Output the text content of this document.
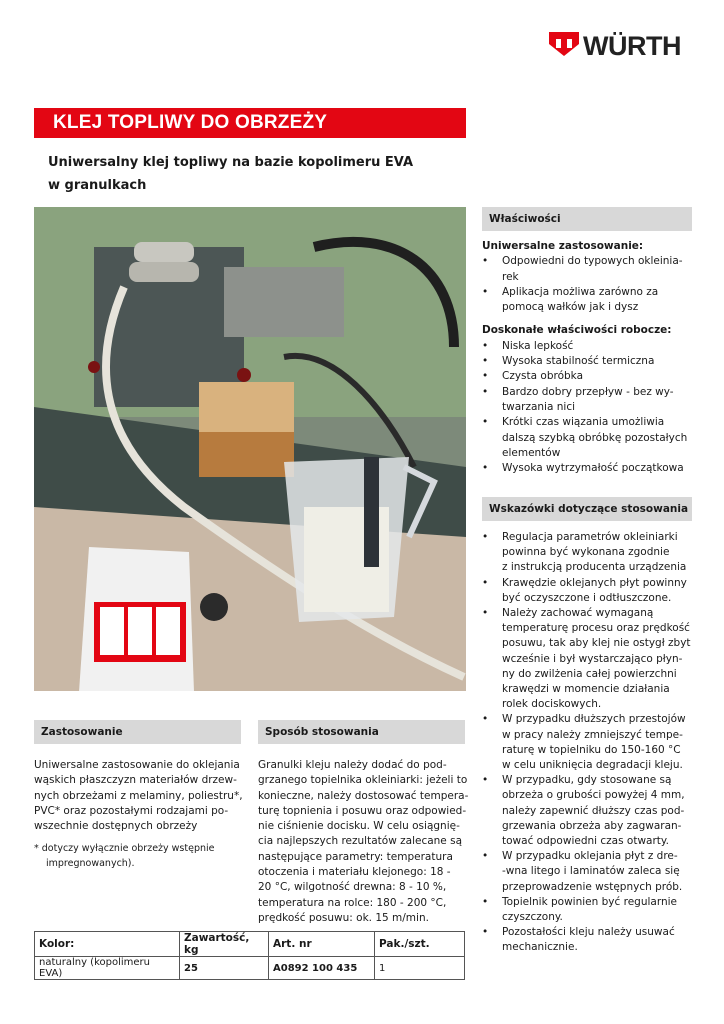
WÜRTH
KLEJ TOPLIWY DO OBRZEŻY
Uniwersalny klej topliwy na bazie kopolimeru EVA
w granulkach
Właściwości
Uniwersalne zastosowanie:
• Odpowiedni do typowych okleinia-
rek
• Aplikacja możliwa zarówno za
pomocą wałków jak i dysz
Doskonałe właściwości robocze:
• Niska lepkość
• Wysoka stabilność termiczna
• Czysta obróbka
• Bardzo dobry przepływ - bez wy-
twarzania nici
• Krótki czas wiązania umożliwia
dalszą szybką obróbkę pozostałych
elementów
• Wysoka wytrzymałość początkowa
Wskazówki dotyczące stosowania
• Regulacja parametrów okleiniarki
powinna być wykonana zgodnie
z instrukcją producenta urządzenia
• Krawędzie oklejanych płyt powinny
być oczyszczone i odtłuszczone.
• Należy zachować wymaganą
temperaturę procesu oraz prędkość
posuwu, tak aby klej nie ostygł zbyt
wcześnie i był wystarczająco płyn-
ny do zwilżenia całej powierzchni
krawędzi w momencie działania
rolek dociskowych.
• W przypadku dłuższych przestojów
w pracy należy zmniejszyć tempe-
raturę w topielniku do 150-160 °C
w celu uniknięcia degradacji kleju.
• W przypadku, gdy stosowane są
obrzeża o grubości powyżej 4 mm,
należy zapewnić dłuższy czas pod-
grzewania obrzeża aby zagwaran-
tować odpowiedni czas otwarty.
• W przypadku oklejania płyt z dre-
-wna litego i laminatów zaleca się
przeprowadzenie wstępnych prób.
• Topielnik powinien być regularnie
czyszczony.
• Pozostałości kleju należy usuwać
mechanicznie.
Zastosowanie
Uniwersalne zastosowanie do oklejania
wąskich płaszczyzn materiałów drzew-
nych obrzeżami z melaminy, poliestru*,
PVC* oraz pozostałymi rodzajami po-
wszechnie dostępnych obrzeży
* dotyczy wyłącznie obrzeży wstępnie
impregnowanych).
Sposób stosowania
Granulki kleju należy dodać do pod-
grzanego topielnika okleiniarki: jeżeli to
konieczne, należy dostosować tempera-
turę topnienia i posuwu oraz odpowied-
nie ciśnienie docisku. W celu osiągnię-
cia najlepszych rezultatów zalecane są
następujące parametry: temperatura
otoczenia i materiału klejonego: 18 -
20 °C, wilgotność drewna: 8 - 10 %,
temperatura na rolce: 180 - 200 °C,
prędkość posuwu: ok. 15 m/min.
Kolor:	Zawartość, kg	Art. nr	Pak./szt.
naturalny (kopolimeru EVA)	25	A0892 100 435	1
